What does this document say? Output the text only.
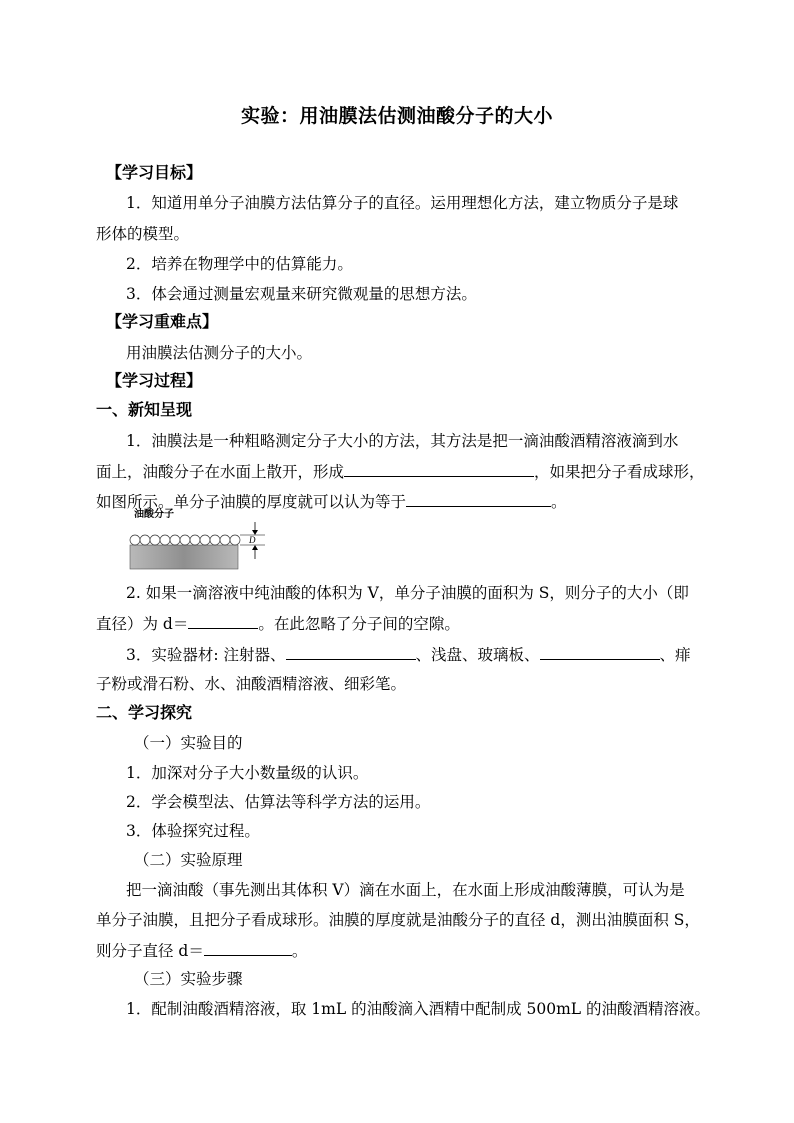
实验：用油膜法估测油酸分子的大小
【学习目标】
1．知道用单分子油膜方法估算分子的直径。运用理想化方法，建立物质分子是球
形体的模型。
2．培养在物理学中的估算能力。
3．体会通过测量宏观量来研究微观量的思想方法。
【学习重难点】
用油膜法估测分子的大小。
【学习过程】
一、新知呈现
1．油膜法是一种粗略测定分子大小的方法，其方法是把一滴油酸酒精溶液滴到水
面上，油酸分子在水面上散开，形成	，如果把分子看成球形，
如图所示。单分子油膜的厚度就可以认为等于	。
油酸分子
D
2. 如果一滴溶液中纯油酸的体积为 V，单分子油膜的面积为 S，则分子的大小（即
直径）为 d＝	。在此忽略了分子间的空隙。
3．实验器材: 注射器、	、浅盘、玻璃板、	、痱
子粉或滑石粉、水、油酸酒精溶液、细彩笔。
二、学习探究
（一）实验目的
1．加深对分子大小数量级的认识。
2．学会模型法、估算法等科学方法的运用。
3．体验探究过程。
（二）实验原理
把一滴油酸（事先测出其体积 V）滴在水面上，在水面上形成油酸薄膜，可认为是
单分子油膜，且把分子看成球形。油膜的厚度就是油酸分子的直径 d，测出油膜面积 S，
则分子直径 d＝	。
（三）实验步骤
1．配制油酸酒精溶液，取 1mL 的油酸滴入酒精中配制成 500mL 的油酸酒精溶液。
